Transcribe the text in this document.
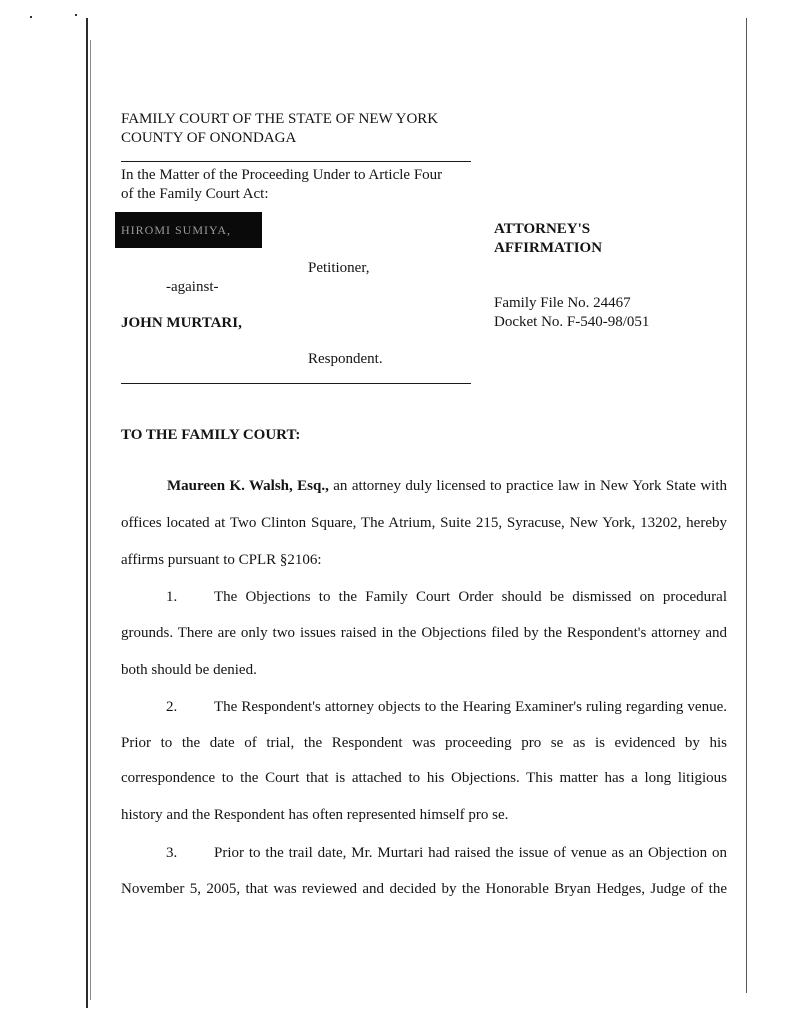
FAMILY COURT OF THE STATE OF NEW YORK
COUNTY OF ONONDAGA
In the Matter of the Proceeding Under to Article Four
of the Family Court Act:
HIROMI SUMIYA,	ATTORNEY'S
AFFIRMATION
Petitioner,
-against-
Family File No. 24467
Docket No. F-540-98/051
JOHN MURTARI,
Respondent.
TO THE FAMILY COURT:
Maureen K. Walsh, Esq., an attorney duly licensed to practice law in New York State with
offices located at Two Clinton Square, The Atrium, Suite 215, Syracuse, New York, 13202, hereby
affirms pursuant to CPLR §2106:
1. The Objections to the Family Court Order should be dismissed on procedural
grounds. There are only two issues raised in the Objections filed by the Respondent's attorney and
both should be denied.
2. The Respondent's attorney objects to the Hearing Examiner's ruling regarding venue.
Prior to the date of trial, the Respondent was proceeding pro se as is evidenced by his
correspondence to the Court that is attached to his Objections. This matter has a long litigious
history and the Respondent has often represented himself pro se.
3. Prior to the trail date, Mr. Murtari had raised the issue of venue as an Objection on
November 5, 2005, that was reviewed and decided by the Honorable Bryan Hedges, Judge of the
